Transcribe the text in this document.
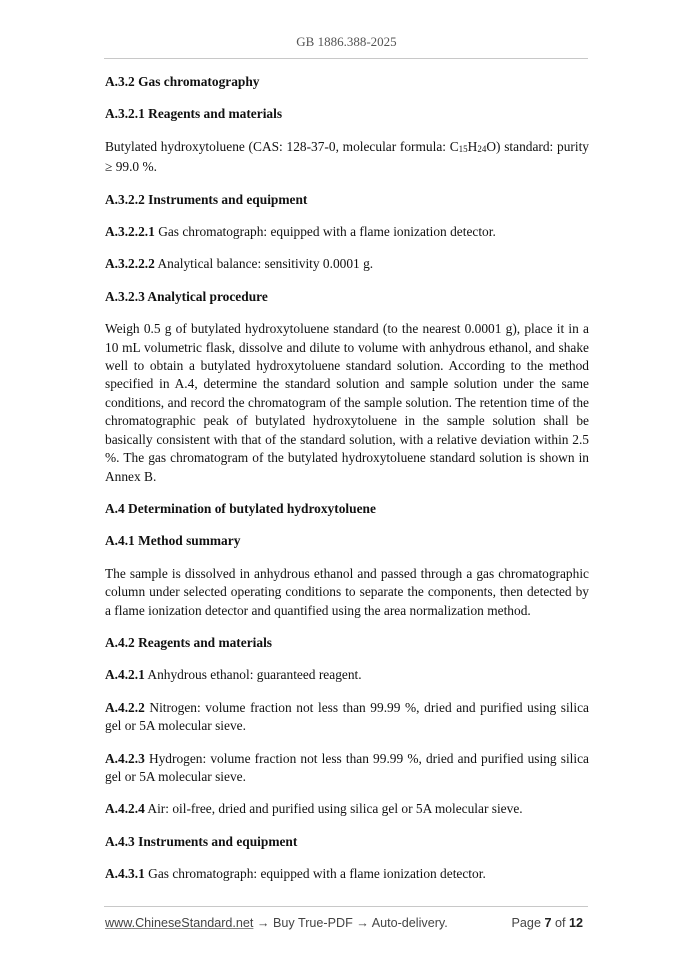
GB 1886.388-2025

A.3.2 Gas chromatography

A.3.2.1 Reagents and materials

Butylated hydroxytoluene (CAS: 128-37-0, molecular formula: C15H24O) standard: purity ≥ 99.0 %.

A.3.2.2 Instruments and equipment

A.3.2.2.1 Gas chromatograph: equipped with a flame ionization detector.

A.3.2.2.2 Analytical balance: sensitivity 0.0001 g.

A.3.2.3 Analytical procedure

Weigh 0.5 g of butylated hydroxytoluene standard (to the nearest 0.0001 g), place it in a 10 mL volumetric flask, dissolve and dilute to volume with anhydrous ethanol, and shake well to obtain a butylated hydroxytoluene standard solution. According to the method specified in A.4, determine the standard solution and sample solution under the same conditions, and record the chromatogram of the sample solution. The retention time of the chromatographic peak of butylated hydroxytoluene in the sample solution shall be basically consistent with that of the standard solution, with a relative deviation within 2.5 %. The gas chromatogram of the butylated hydroxytoluene standard solution is shown in Annex B.

A.4 Determination of butylated hydroxytoluene

A.4.1 Method summary

The sample is dissolved in anhydrous ethanol and passed through a gas chromatographic column under selected operating conditions to separate the components, then detected by a flame ionization detector and quantified using the area normalization method.

A.4.2 Reagents and materials

A.4.2.1 Anhydrous ethanol: guaranteed reagent.

A.4.2.2 Nitrogen: volume fraction not less than 99.99 %, dried and purified using silica gel or 5A molecular sieve.

A.4.2.3 Hydrogen: volume fraction not less than 99.99 %, dried and purified using silica gel or 5A molecular sieve.

A.4.2.4 Air: oil-free, dried and purified using silica gel or 5A molecular sieve.

A.4.3 Instruments and equipment

A.4.3.1 Gas chromatograph: equipped with a flame ionization detector.

www.ChineseStandard.net → Buy True-PDF → Auto-delivery.	Page 7 of 12
